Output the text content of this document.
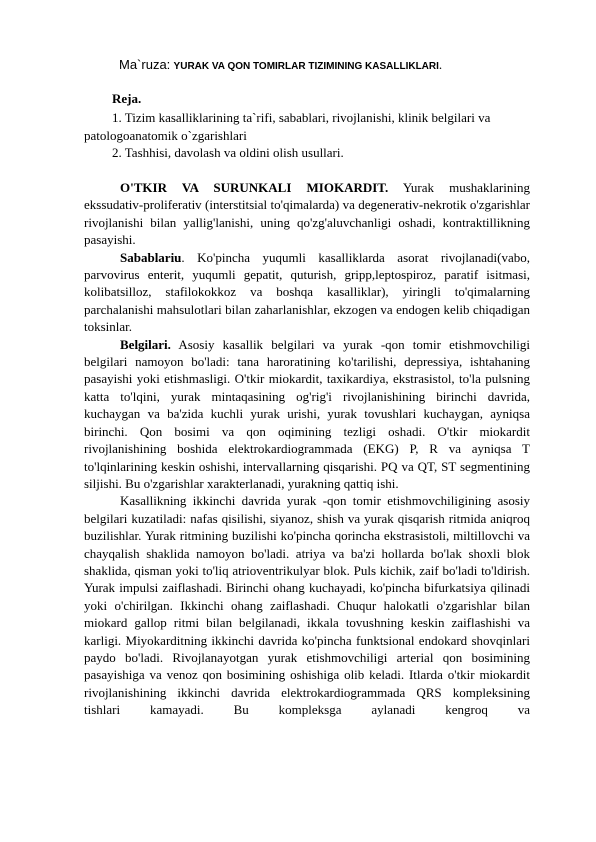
Ma`ruza: YURAK VA QON TOMIRLAR TIZIMINING KASALLIKLARI.
Reja.

1. Tizim kasalliklarining ta`rifi, sabablari, rivojlanishi, klinik belgilari va patologoanatomik o`zgarishlari

2. Tashhisi, davolash va oldini olish usullari.

O'TKIR VA SURUNKALI MIOKARDIT. Yurak mushaklarining ekssudativ-proliferativ (interstitsial to'qimalarda) va degenerativ-nekrotik o'zgarishlar rivojlanishi bilan yallig'lanishi, uning qo'zg'aluvchanligi oshadi, kontraktillikning pasayishi.

Sabablariu. Ko'pincha yuqumli kasalliklarda asorat rivojlanadi(vabo, parvovirus enterit, yuqumli gepatit, quturish, gripp,leptospiroz, paratif isitmasi, kolibatsilloz, stafilokokkoz va boshqa kasalliklar), yiringli to'qimalarning parchalanishi mahsulotlari bilan zaharlanishlar, ekzogen va endogen kelib chiqadigan toksinlar.

Belgilari. Asosiy kasallik belgilari va yurak -qon tomir etishmovchiligi belgilari namoyon bo'ladi: tana haroratining ko'tarilishi, depressiya, ishtahaning pasayishi yoki etishmasligi. O'tkir miokardit, taxikardiya, ekstrasistol, to'la pulsning katta to'lqini, yurak mintaqasining og'rig'i rivojlanishining birinchi davrida, kuchaygan va ba'zida kuchli yurak urishi, yurak tovushlari kuchaygan, ayniqsa birinchi. Qon bosimi va qon oqimining tezligi oshadi. O'tkir miokardit rivojlanishining boshida elektrokardiogrammada (EKG) P, R va ayniqsa T to'lqinlarining keskin oshishi, intervallarning qisqarishi. PQ va QT, ST segmentining siljishi. Bu o'zgarishlar xarakterlanadi, yurakning qattiq ishi.

Kasallikning ikkinchi davrida yurak -qon tomir etishmovchiligining asosiy belgilari kuzatiladi: nafas qisilishi, siyanoz, shish va yurak qisqarish ritmida aniqroq buzilishlar. Yurak ritmining buzilishi ko'pincha qorincha ekstrasistoli, miltillovchi va chayqalish shaklida namoyon bo'ladi. atriya va ba'zi hollarda bo'lak shoxli blok shaklida, qisman yoki to'liq atrioventrikulyar blok. Puls kichik, zaif bo'ladi to'ldirish. Yurak impulsi zaiflashadi. Birinchi ohang kuchayadi, ko'pincha bifurkatsiya qilinadi yoki o'chirilgan. Ikkinchi ohang zaiflashadi. Chuqur halokatli o'zgarishlar bilan miokard gallop ritmi bilan belgilanadi, ikkala tovushning keskin zaiflashishi va karligi. Miyokarditning ikkinchi davrida ko'pincha funktsional endokard shovqinlari paydo bo'ladi. Rivojlanayotgan yurak etishmovchiligi arterial qon bosimining pasayishiga va venoz qon bosimining oshishiga olib keladi. Itlarda o'tkir miokardit rivojlanishining ikkinchi davrida elektrokardiogrammada QRS kompleksining tishlari kamayadi. Bu kompleksga aylanadi kengroq va
